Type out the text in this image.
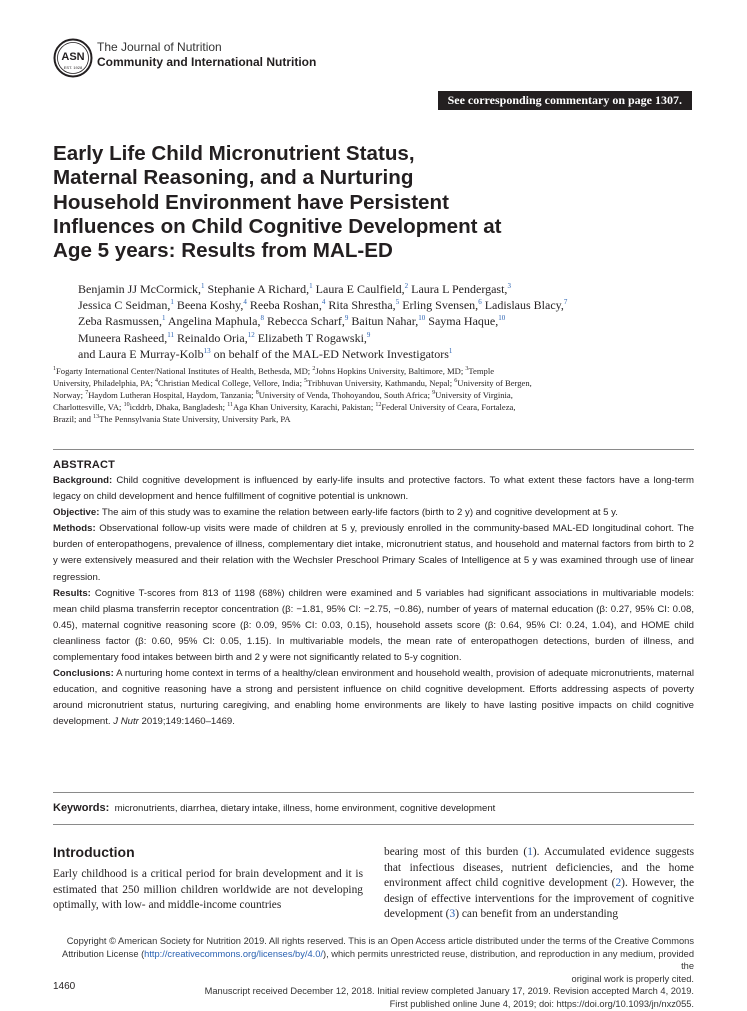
ASN
EST. 1928
The Journal of Nutrition
Community and International Nutrition
See corresponding commentary on page 1307.
Early Life Child Micronutrient Status,
Maternal Reasoning, and a Nurturing
Household Environment have Persistent
Influences on Child Cognitive Development at
Age 5 years: Results from MAL-ED

Benjamin JJ McCormick,$^1$ Stephanie A Richard,$^1$ Laura E Caulfield,$^2$ Laura L Pendergast,$^3$

Jessica C Seidman,$^1$ Beena Koshy,$^4$ Reeba Roshan,$^4$ Rita Shrestha,$^5$ Erling Svensen,$^6$ Ladislaus Blacy,$^7$

Zeba Rasmussen,$^1$ Angelina Maphula,$^8$ Rebecca Scharf,$^9$ Baitun Nahar,$^{10}$ Sayma Haque,$^{10}$

Muneera Rasheed,$^{11}$ Reinaldo Oria,$^{12}$ Elizabeth T Rogawski,$^9$

and Laura E Murray-Kolb$^{13}$ on behalf of the MAL-ED Network Investigators$^1$

$^1$Fogarty International Center/National Institutes of Health, Bethesda, MD; $^2$Johns Hopkins University, Baltimore, MD; $^3$Temple

University, Philadelphia, PA; $^4$Christian Medical College, Vellore, India; $^5$Tribhuvan University, Kathmandu, Nepal; $^6$University of Bergen,

Norway; $^7$Haydom Lutheran Hospital, Haydom, Tanzania; $^8$University of Venda, Thohoyandou, South Africa; $^9$University of Virginia,

Charlottesville, VA; $^{10}$icddrb, Dhaka, Bangladesh; $^{11}$Aga Khan University, Karachi, Pakistan; $^{12}$Federal University of Ceara, Fortaleza,

Brazil; and $^{13}$The Pennsylvania State University, University Park, PA

ABSTRACT

Background: Child cognitive development is influenced by early-life insults and protective factors. To what extent these factors have a long-term legacy on child development and hence fulfillment of cognitive potential is unknown.

Objective: The aim of this study was to examine the relation between early-life factors (birth to 2 y) and cognitive development at 5 y.

Methods: Observational follow-up visits were made of children at 5 y, previously enrolled in the community-based MAL-ED longitudinal cohort. The burden of enteropathogens, prevalence of illness, complementary diet intake, micronutrient status, and household and maternal factors from birth to 2 y were extensively measured and their relation with the Wechsler Preschool Primary Scales of Intelligence at 5 y was examined through use of linear regression.

Results: Cognitive T-scores from 813 of 1198 (68%) children were examined and 5 variables had significant associations in multivariable models: mean child plasma transferrin receptor concentration (β: −1.81, 95% CI: −2.75, −0.86), number of years of maternal education (β: 0.27, 95% CI: 0.08, 0.45), maternal cognitive reasoning score (β: 0.09, 95% CI: 0.03, 0.15), household assets score (β: 0.64, 95% CI: 0.24, 1.04), and HOME child cleanliness factor (β: 0.60, 95% CI: 0.05, 1.15). In multivariable models, the mean rate of enteropathogen detections, burden of illness, and complementary food intakes between birth and 2 y were not significantly related to 5-y cognition.

Conclusions: A nurturing home context in terms of a healthy/clean environment and household wealth, provision of adequate micronutrients, maternal education, and cognitive reasoning have a strong and persistent influence on child cognitive development. Efforts addressing aspects of poverty around micronutrient status, nurturing caregiving, and enabling home environments are likely to have lasting positive impacts on child cognitive development. J Nutr 2019;149:1460–1469.

Keywords: micronutrients, diarrhea, dietary intake, illness, home environment, cognitive development
Introduction

Early childhood is a critical period for brain development and it is estimated that 250 million children worldwide are not developing optimally, with low- and middle-income countries

bearing most of this burden (1). Accumulated evidence suggests that infectious diseases, nutrient deficiencies, and the home environment affect child cognitive development (2). However, the design of effective interventions for the improvement of cognitive development (3) can benefit from an understanding

Copyright © American Society for Nutrition 2019. All rights reserved. This is an Open Access article distributed under the terms of the Creative Commons

Attribution License (http://creativecommons.org/licenses/by/4.0/), which permits unrestricted reuse, distribution, and reproduction in any medium, provided the

original work is properly cited.

Manuscript received December 12, 2018. Initial review completed January 17, 2019. Revision accepted March 4, 2019.

First published online June 4, 2019; doi: https://doi.org/10.1093/jn/nxz055.

1460
